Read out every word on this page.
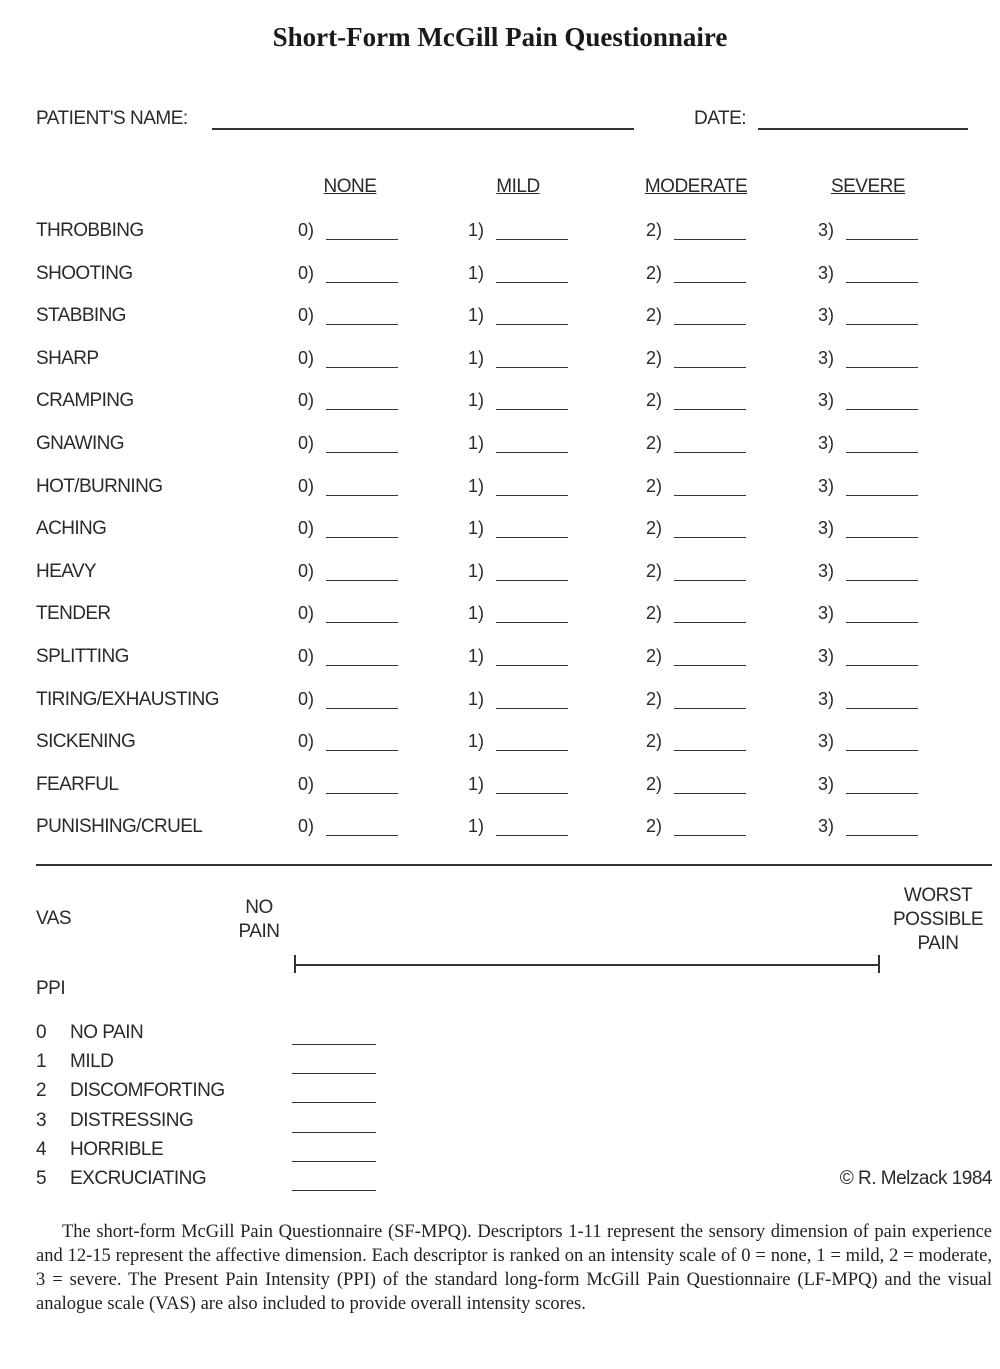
Short-Form McGill Pain Questionnaire
PATIENT'S NAME:	DATE:
NONE	MILD	MODERATE	SEVERE
THROBBING	0)	1)	2)	3)
SHOOTING	0)	1)	2)	3)
STABBING	0)	1)	2)	3)
SHARP	0)	1)	2)	3)
CRAMPING	0)	1)	2)	3)
GNAWING	0)	1)	2)	3)
HOT/BURNING	0)	1)	2)	3)
ACHING	0)	1)	2)	3)
HEAVY	0)	1)	2)	3)
TENDER	0)	1)	2)	3)
SPLITTING	0)	1)	2)	3)
TIRING/EXHAUSTING	0)	1)	2)	3)
SICKENING	0)	1)	2)	3)
FEARFUL	0)	1)	2)	3)
PUNISHING/CRUEL	0)	1)	2)	3)
VAS
NO
PAIN
WORST
POSSIBLE
PAIN
PPI
0 NO PAIN
1 MILD
2 DISCOMFORTING
3 DISTRESSING
4 HORRIBLE
5 EXCRUCIATING	© R. Melzack 1984
The short-form McGill Pain Questionnaire (SF-MPQ). Descriptors 1-11 represent the sensory dimension of pain experience and 12-15 represent the affective dimension. Each descriptor is ranked on an intensity scale of 0 = none, 1 = mild, 2 = moderate, 3 = severe. The Present Pain Intensity (PPI) of the standard long-form McGill Pain Questionnaire (LF-MPQ) and the visual analogue scale (VAS) are also included to provide overall intensity scores.
